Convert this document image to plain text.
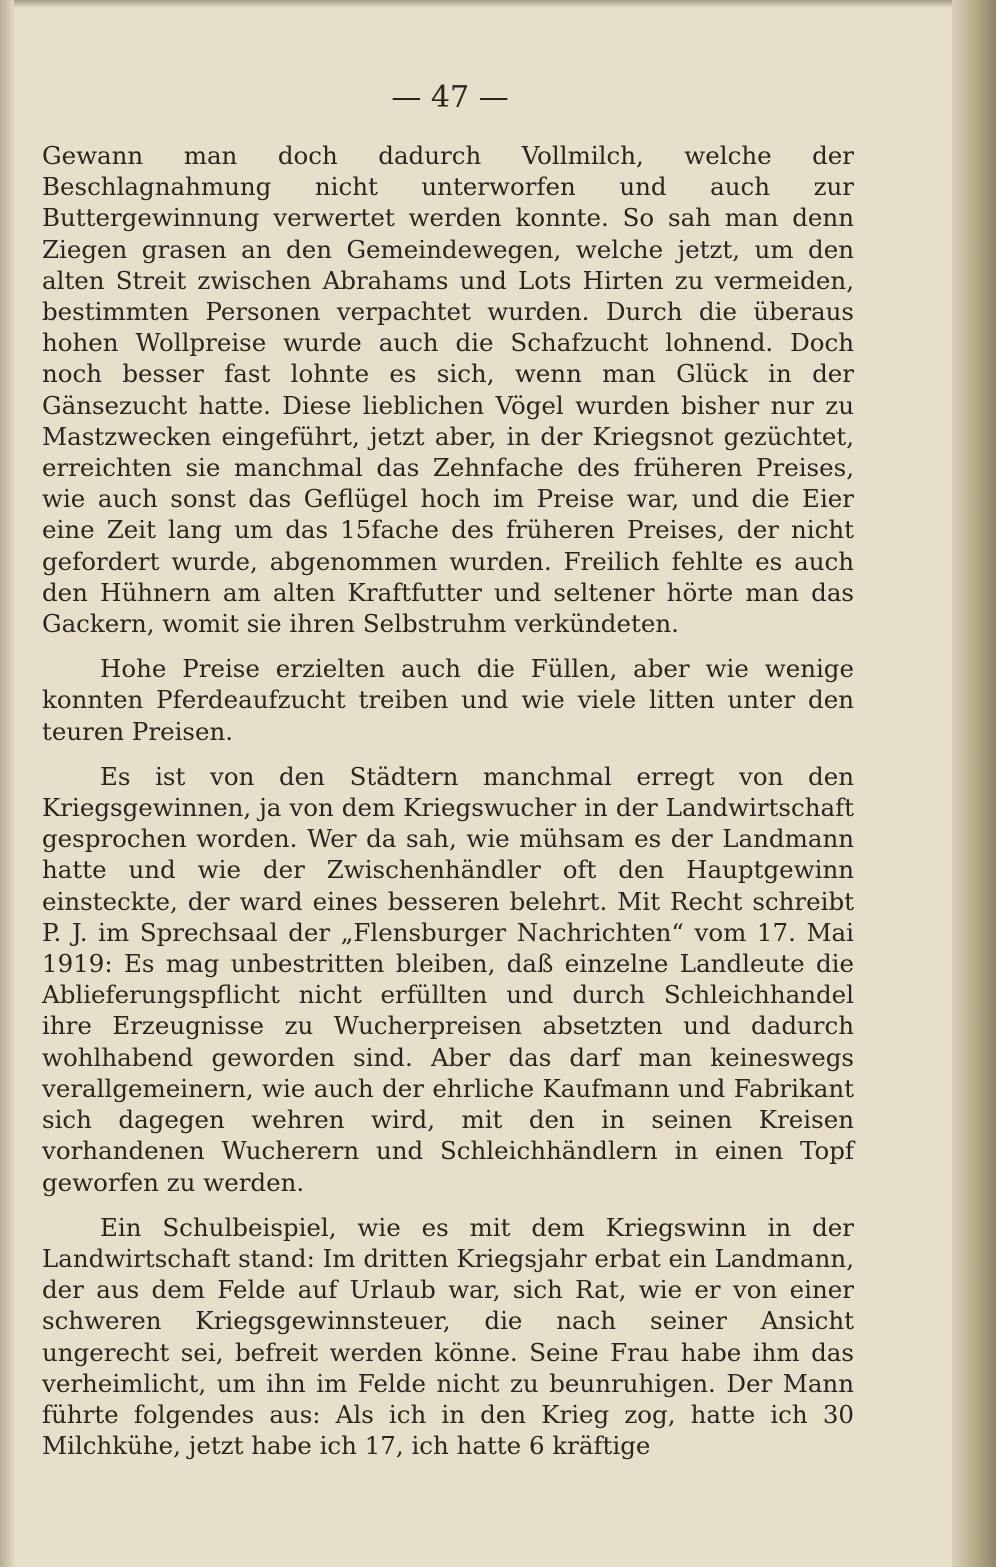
— 47 —

Gewann man doch dadurch Vollmilch, welche der Beschlagnahmung nicht unterworfen und auch zur Buttergewinnung verwertet werden konnte. So sah man denn Ziegen grasen an den Gemeindewegen, welche jetzt, um den alten Streit zwischen Abrahams und Lots Hirten zu vermeiden, bestimmten Personen verpachtet wurden. Durch die überaus hohen Wollpreise wurde auch die Schafzucht lohnend. Doch noch besser fast lohnte es sich, wenn man Glück in der Gänsezucht hatte. Diese lieblichen Vögel wurden bisher nur zu Mastzwecken eingeführt, jetzt aber, in der Kriegsnot gezüchtet, erreichten sie manchmal das Zehnfache des früheren Preises, wie auch sonst das Geflügel hoch im Preise war, und die Eier eine Zeit lang um das 15fache des früheren Preises, der nicht gefordert wurde, abgenommen wurden. Freilich fehlte es auch den Hühnern am alten Kraftfutter und seltener hörte man das Gackern, womit sie ihren Selbstruhm verkündeten.

Hohe Preise erzielten auch die Füllen, aber wie wenige konnten Pferdeaufzucht treiben und wie viele litten unter den teuren Preisen.

Es ist von den Städtern manchmal erregt von den Kriegsgewinnen, ja von dem Kriegswucher in der Landwirtschaft gesprochen worden. Wer da sah, wie mühsam es der Landmann hatte und wie der Zwischenhändler oft den Hauptgewinn einsteckte, der ward eines besseren belehrt. Mit Recht schreibt P. J. im Sprechsaal der „Flensburger Nachrichten“ vom 17. Mai 1919: Es mag unbestritten bleiben, daß einzelne Landleute die Ablieferungspflicht nicht erfüllten und durch Schleichhandel ihre Erzeugnisse zu Wucherpreisen absetzten und dadurch wohlhabend geworden sind. Aber das darf man keineswegs verallgemeinern, wie auch der ehrliche Kaufmann und Fabrikant sich dagegen wehren wird, mit den in seinen Kreisen vorhandenen Wucherern und Schleichhändlern in einen Topf geworfen zu werden.

Ein Schulbeispiel, wie es mit dem Kriegswinn in der Landwirtschaft stand: Im dritten Kriegsjahr erbat ein Landmann, der aus dem Felde auf Urlaub war, sich Rat, wie er von einer schweren Kriegsgewinnsteuer, die nach seiner Ansicht ungerecht sei, befreit werden könne. Seine Frau habe ihm das verheimlicht, um ihn im Felde nicht zu beunruhigen. Der Mann führte folgendes aus: Als ich in den Krieg zog, hatte ich 30 Milchkühe, jetzt habe ich 17, ich hatte 6 kräftige
